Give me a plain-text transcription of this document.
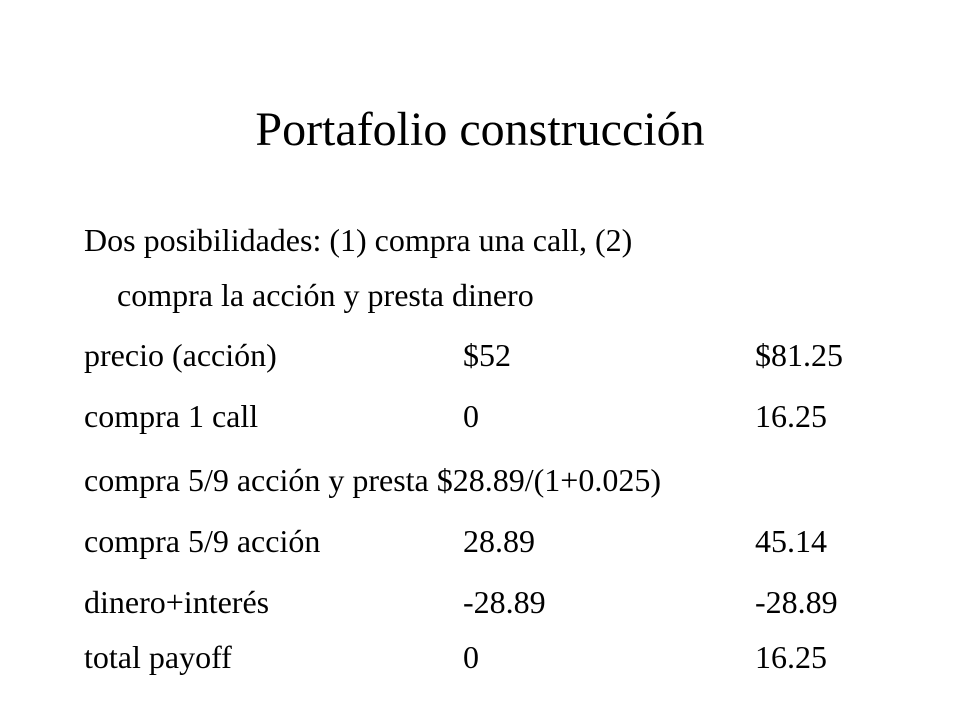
Portafolio construcción
Dos posibilidades: (1) compra una call, (2)
compra la acción y presta dinero
precio (acción)	$52	$81.25
compra 1 call	0	16.25
compra 5/9 acción y presta $28.89/(1+0.025)
compra 5/9 acción	28.89	45.14
dinero+interés	-28.89	-28.89
total payoff	0	16.25
